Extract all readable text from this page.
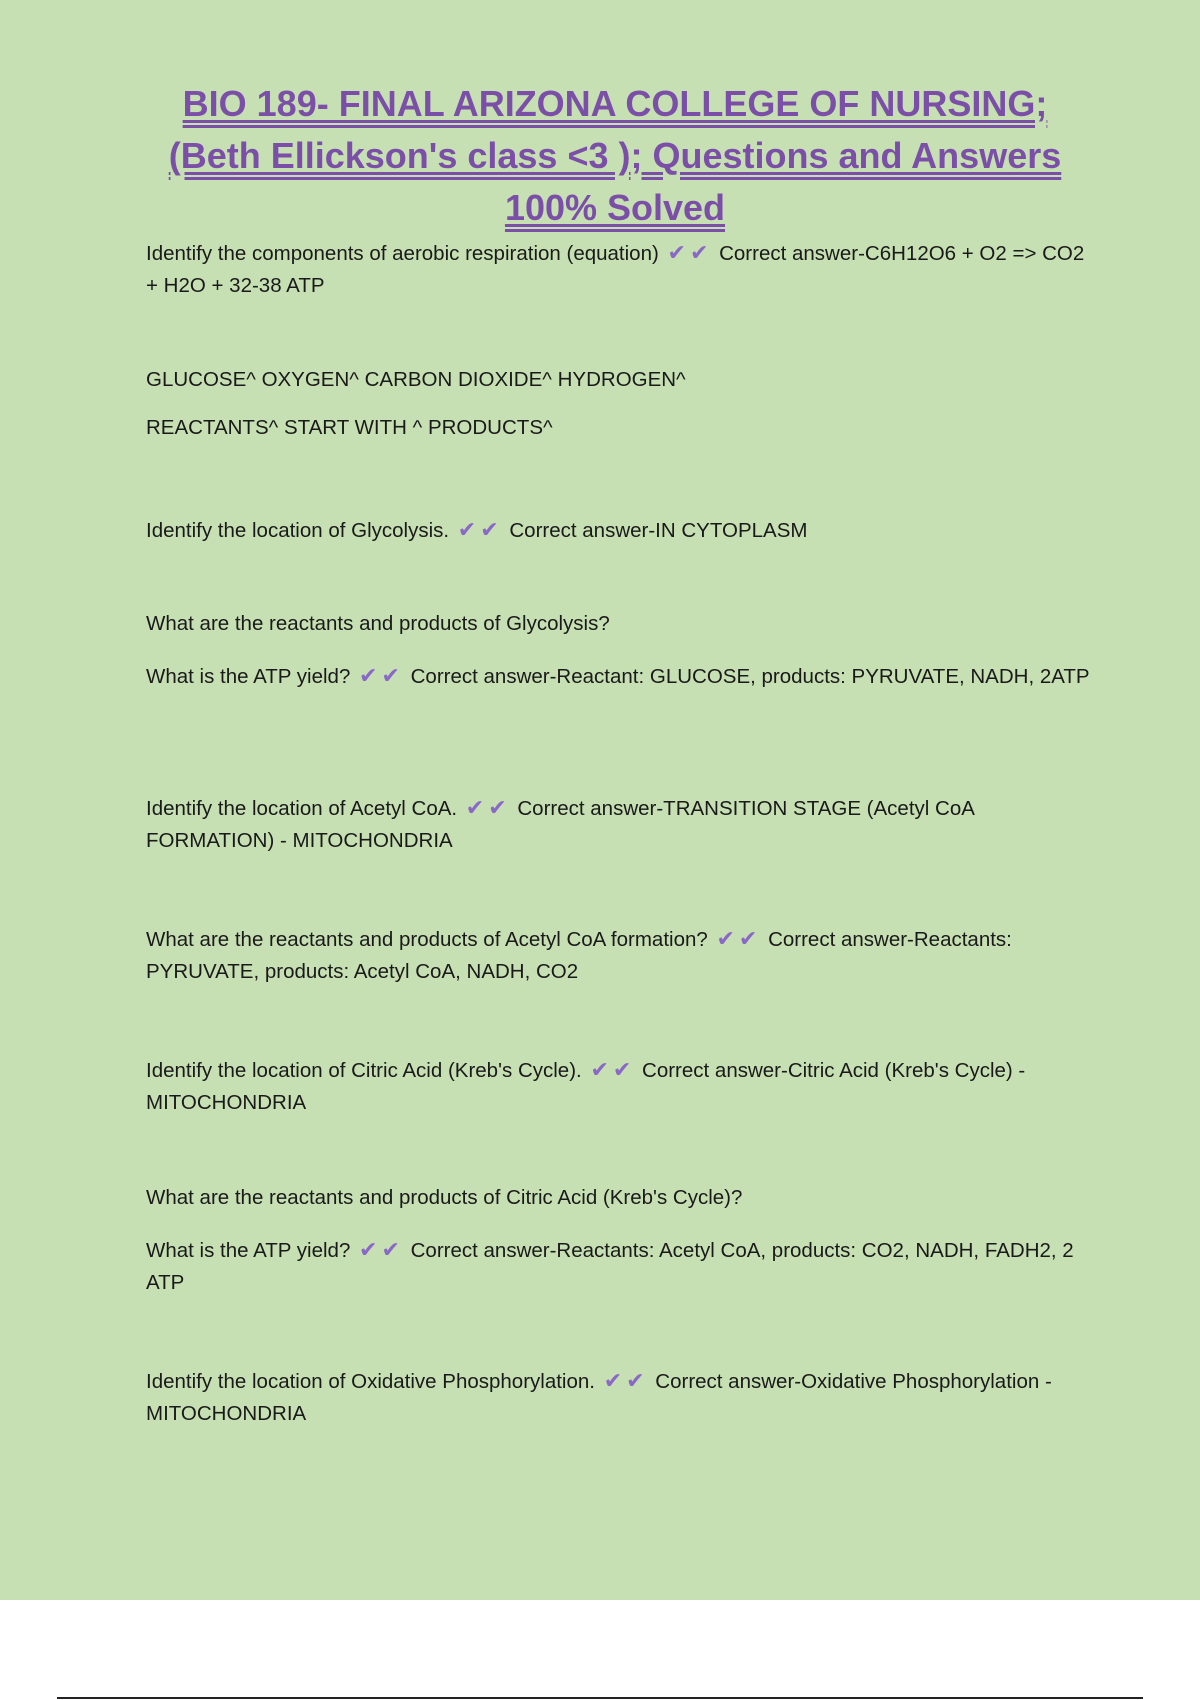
BIO 189- FINAL ARIZONA COLLEGE OF NURSING;
(Beth Ellickson's class <3 ); Questions and Answers
100% Solved
Identify the components of aerobic respiration (equation) ✔ ✔ Correct answer-C6H12O6 + O2 => CO2 + H2O + 32-38 ATP
GLUCOSE^ OXYGEN^ CARBON DIOXIDE^ HYDROGEN^
REACTANTS^ START WITH ^ PRODUCTS^
Identify the location of Glycolysis. ✔ ✔ Correct answer-IN CYTOPLASM
What are the reactants and products of Glycolysis?
What is the ATP yield? ✔ ✔ Correct answer-Reactant: GLUCOSE, products: PYRUVATE, NADH, 2ATP
Identify the location of Acetyl CoA. ✔ ✔ Correct answer-TRANSITION STAGE (Acetyl CoA FORMATION) - MITOCHONDRIA
What are the reactants and products of Acetyl CoA formation? ✔ ✔ Correct answer-Reactants: PYRUVATE, products: Acetyl CoA, NADH, CO2
Identify the location of Citric Acid (Kreb's Cycle). ✔ ✔ Correct answer-Citric Acid (Kreb's Cycle) - MITOCHONDRIA
What are the reactants and products of Citric Acid (Kreb's Cycle)?
What is the ATP yield? ✔ ✔ Correct answer-Reactants: Acetyl CoA, products: CO2, NADH, FADH2, 2 ATP
Identify the location of Oxidative Phosphorylation. ✔ ✔ Correct answer-Oxidative Phosphorylation - MITOCHONDRIA
